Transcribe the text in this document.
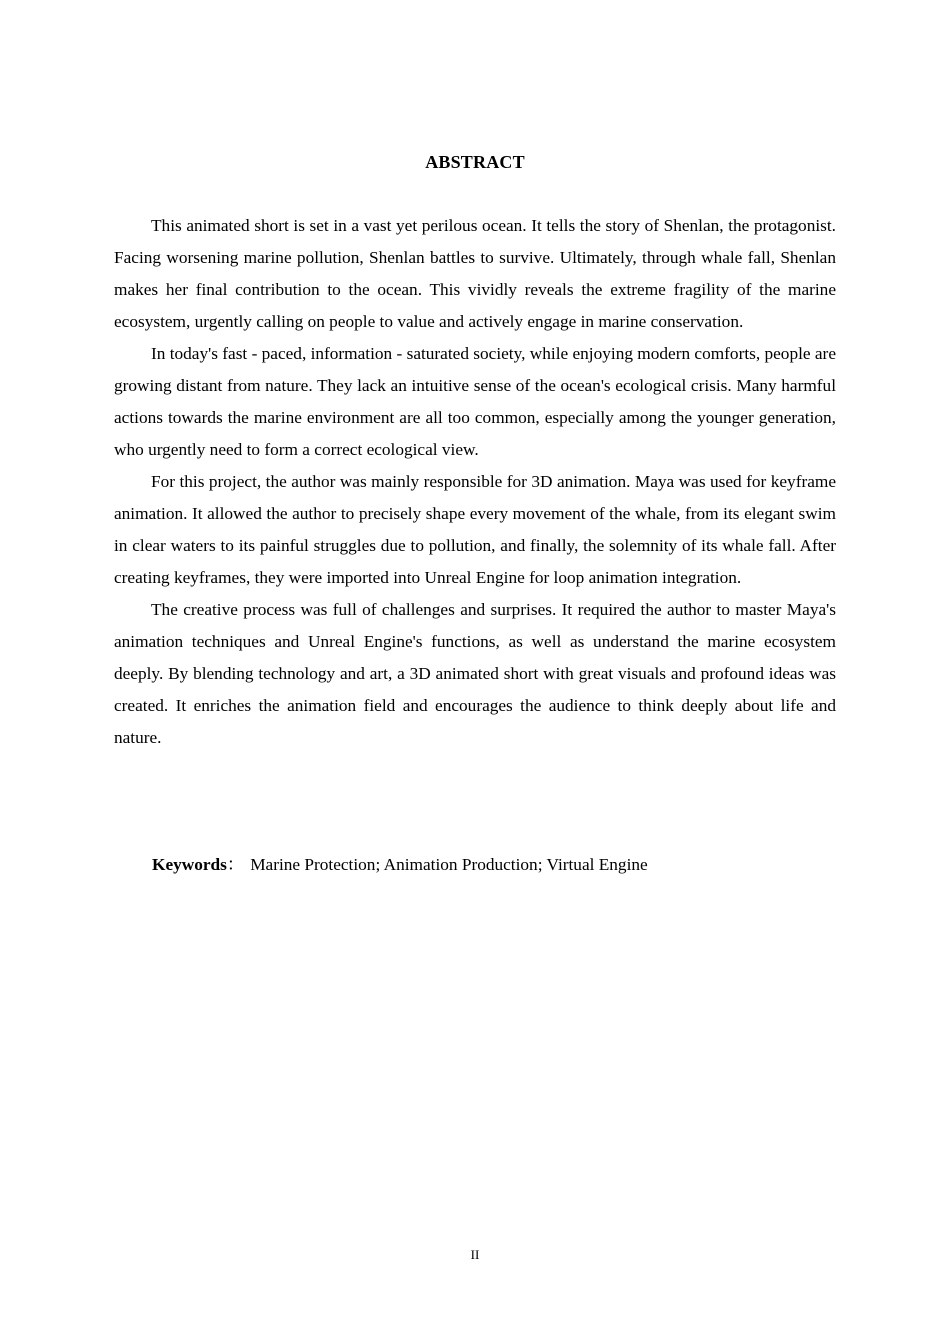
ABSTRACT

This animated short is set in a vast yet perilous ocean. It tells the story of Shenlan, the protagonist. Facing worsening marine pollution, Shenlan battles to survive. Ultimately, through whale fall, Shenlan makes her final contribution to the ocean. This vividly reveals the extreme fragility of the marine ecosystem, urgently calling on people to value and actively engage in marine conservation.

In today's fast - paced, information - saturated society, while enjoying modern comforts, people are growing distant from nature. They lack an intuitive sense of the ocean's ecological crisis. Many harmful actions towards the marine environment are all too common, especially among the younger generation, who urgently need to form a correct ecological view.

For this project, the author was mainly responsible for 3D animation. Maya was used for keyframe animation. It allowed the author to precisely shape every movement of the whale, from its elegant swim in clear waters to its painful struggles due to pollution, and finally, the solemnity of its whale fall. After creating keyframes, they were imported into Unreal Engine for loop animation integration.

The creative process was full of challenges and surprises. It required the author to master Maya's animation techniques and Unreal Engine's functions, as well as understand the marine ecosystem deeply. By blending technology and art, a 3D animated short with great visuals and profound ideas was created. It enriches the animation field and encourages the audience to think deeply about life and nature.

Keywords： Marine Protection; Animation Production; Virtual Engine
II
